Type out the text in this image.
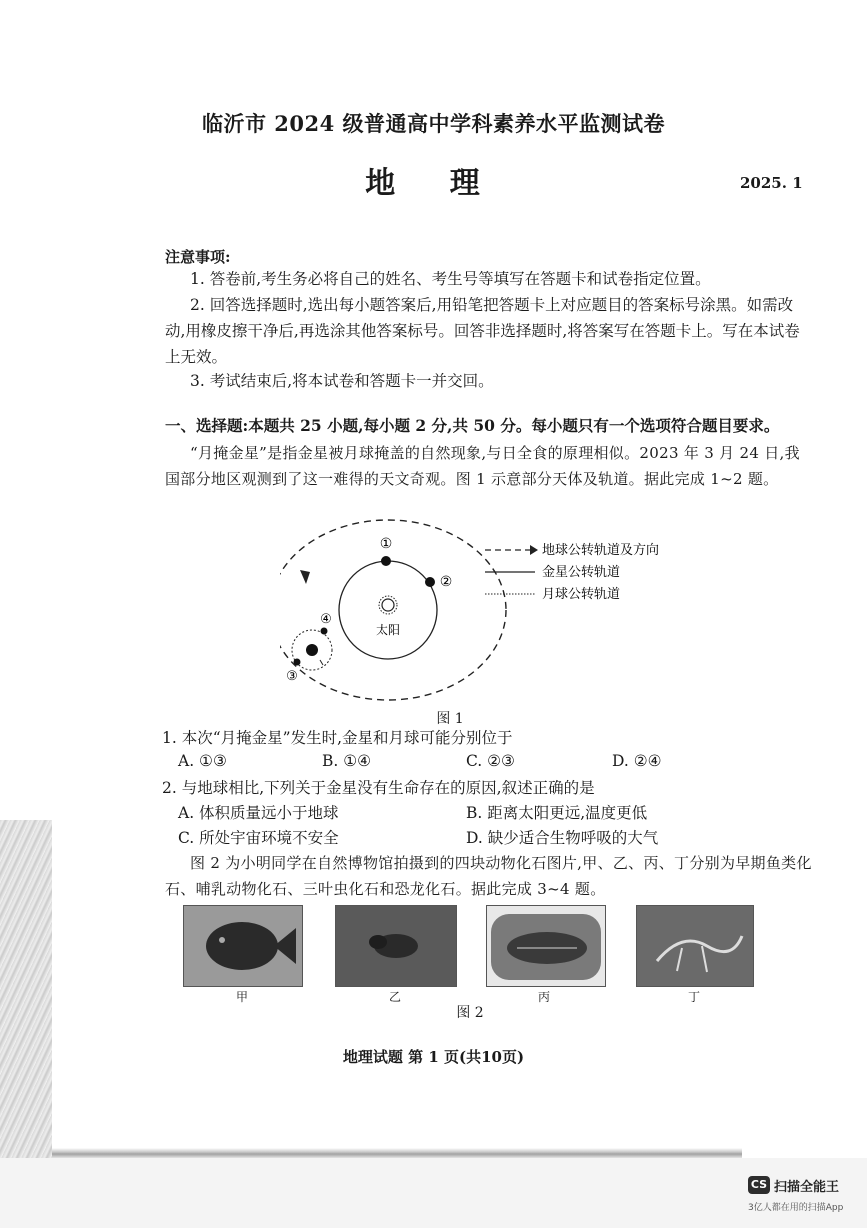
临沂市 2024 级普通高中学科素养水平监测试卷
地 理	2025. 1
注意事项:
1. 答卷前,考生务必将自己的姓名、考生号等填写在答题卡和试卷指定位置。
2. 回答选择题时,选出每小题答案后,用铅笔把答题卡上对应题目的答案标号涂黑。如需改动,用橡皮擦干净后,再选涂其他答案标号。回答非选择题时,将答案写在答题卡上。写在本试卷上无效。
3. 考试结束后,将本试卷和答题卡一并交回。
一、选择题:本题共 25 小题,每小题 2 分,共 50 分。每小题只有一个选项符合题目要求。
“月掩金星”是指金星被月球掩盖的自然现象,与日全食的原理相似。2023 年 3 月 24 日,我国部分地区观测到了这一难得的天文奇观。图 1 示意部分天体及轨道。据此完成 1~2 题。
太阳
①
②
④
③
地球公转轨道及方向
金星公转轨道
月球公转轨道
图 1
1. 本次“月掩金星”发生时,金星和月球可能分别位于
A. ①③	B. ①④	C. ②③	D. ②④
2. 与地球相比,下列关于金星没有生命存在的原因,叙述正确的是
A. 体积质量远小于地球	B. 距离太阳更远,温度更低
C. 所处宇宙环境不安全	D. 缺少适合生物呼吸的大气
图 2 为小明同学在自然博物馆拍摄到的四块动物化石图片,甲、乙、丙、丁分别为早期鱼类化石、哺乳动物化石、三叶虫化石和恐龙化石。据此完成 3~4 题。
甲	乙	丙	丁
图 2
地理试题 第 1 页(共10页)
CS 扫描全能王
3亿人都在用的扫描App
